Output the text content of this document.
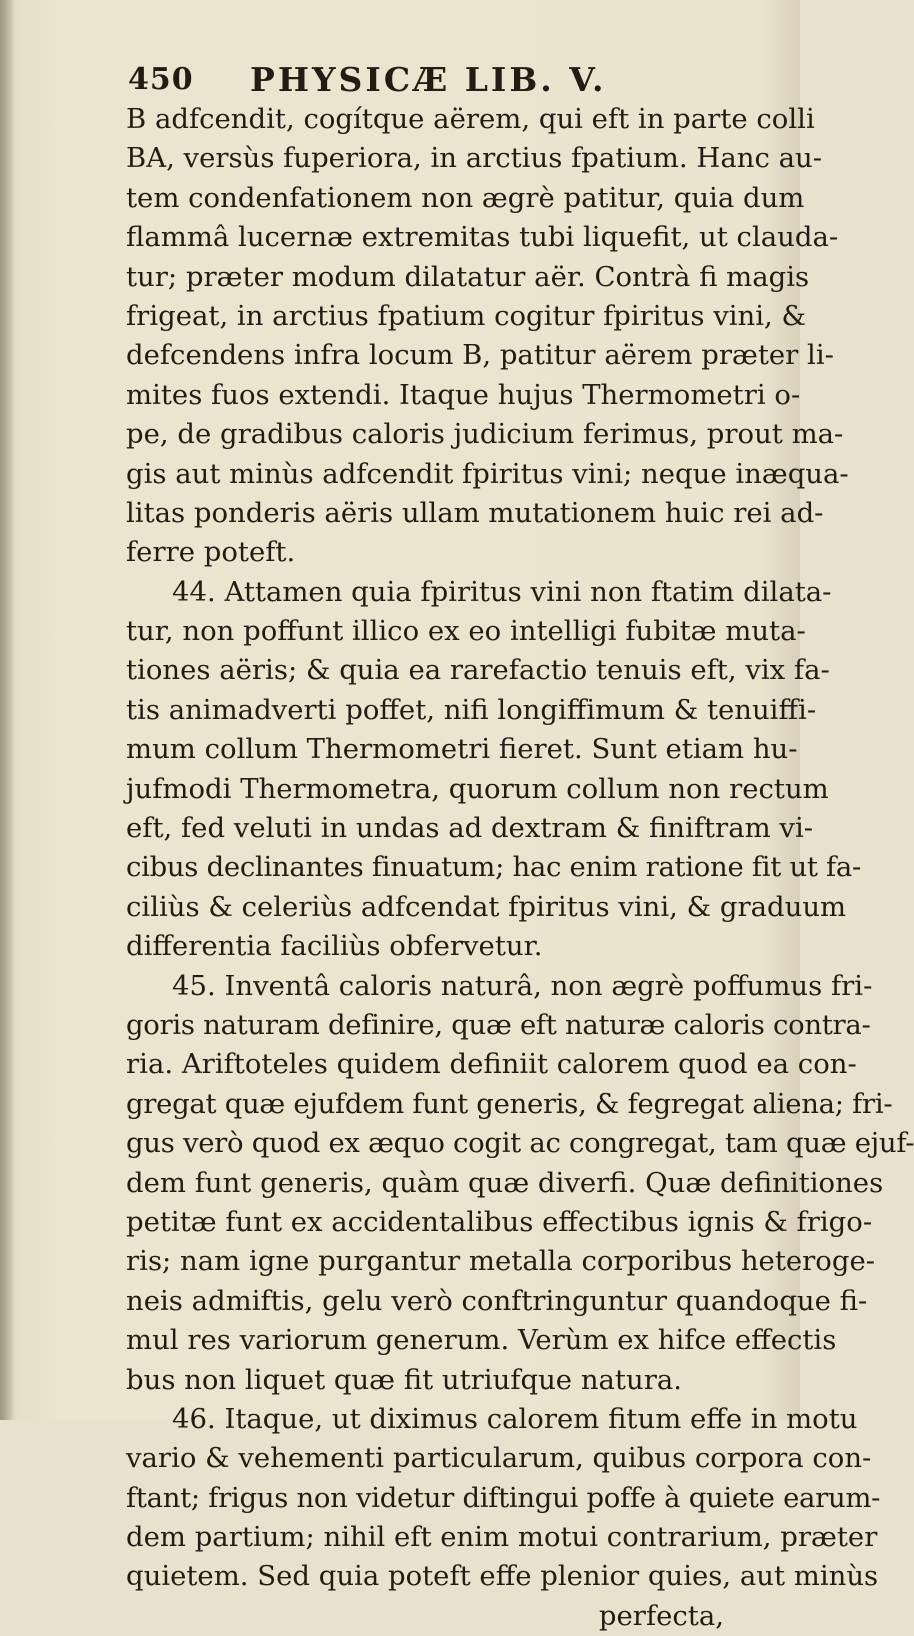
450 PHYSICÆ LIB. V.
B adfcendit, cogítque aërem, qui eft in parte colli
BA, versùs fuperiora, in arctius fpatium. Hanc au-
tem condenfationem non ægrè patitur, quia dum
flammâ lucernæ extremitas tubi liquefit, ut clauda-
tur; præter modum dilatatur aër. Contrà fi magis
frigeat, in arctius fpatium cogitur fpiritus vini, &
defcendens infra locum B, patitur aërem præter li-
mites fuos extendi. Itaque hujus Thermometri o-
pe, de gradibus caloris judicium ferimus, prout ma-
gis aut minùs adfcendit fpiritus vini; neque inæqua-
litas ponderis aëris ullam mutationem huic rei ad-
ferre poteft.
44. Attamen quia fpiritus vini non ftatim dilata-
tur, non poffunt illico ex eo intelligi fubitæ muta-
tiones aëris; & quia ea rarefactio tenuis eft, vix fa-
tis animadverti poffet, nifi longiffimum & tenuiffi-
mum collum Thermometri fieret. Sunt etiam hu-
jufmodi Thermometra, quorum collum non rectum
eft, fed veluti in undas ad dextram & finiftram vi-
cibus declinantes finuatum; hac enim ratione fit ut fa-
ciliùs & celeriùs adfcendat fpiritus vini, & graduum
differentia faciliùs obfervetur.
45. Inventâ caloris naturâ, non ægrè poffumus fri-
goris naturam definire, quæ eft naturæ caloris contra-
ria. Ariftoteles quidem definiit calorem quod ea con-
gregat quæ ejufdem funt generis, & fegregat aliena; fri-
gus verò quod ex æquo cogit ac congregat, tam quæ ejuf-
dem funt generis, quàm quæ diverfi. Quæ definitiones
petitæ funt ex accidentalibus effectibus ignis & frigo-
ris; nam igne purgantur metalla corporibus heteroge-
neis admiftis, gelu verò conftringuntur quandoque fi-
mul res variorum generum. Verùm ex hifce effectis
bus non liquet quæ fit utriufque natura.
46. Itaque, ut diximus calorem fitum effe in motu
vario & vehementi particularum, quibus corpora con-
ftant; frigus non videtur diftingui poffe à quiete earum-
dem partium; nihil eft enim motui contrarium, præter
quietem. Sed quia poteft effe plenior quies, aut minùs
perfecta,
